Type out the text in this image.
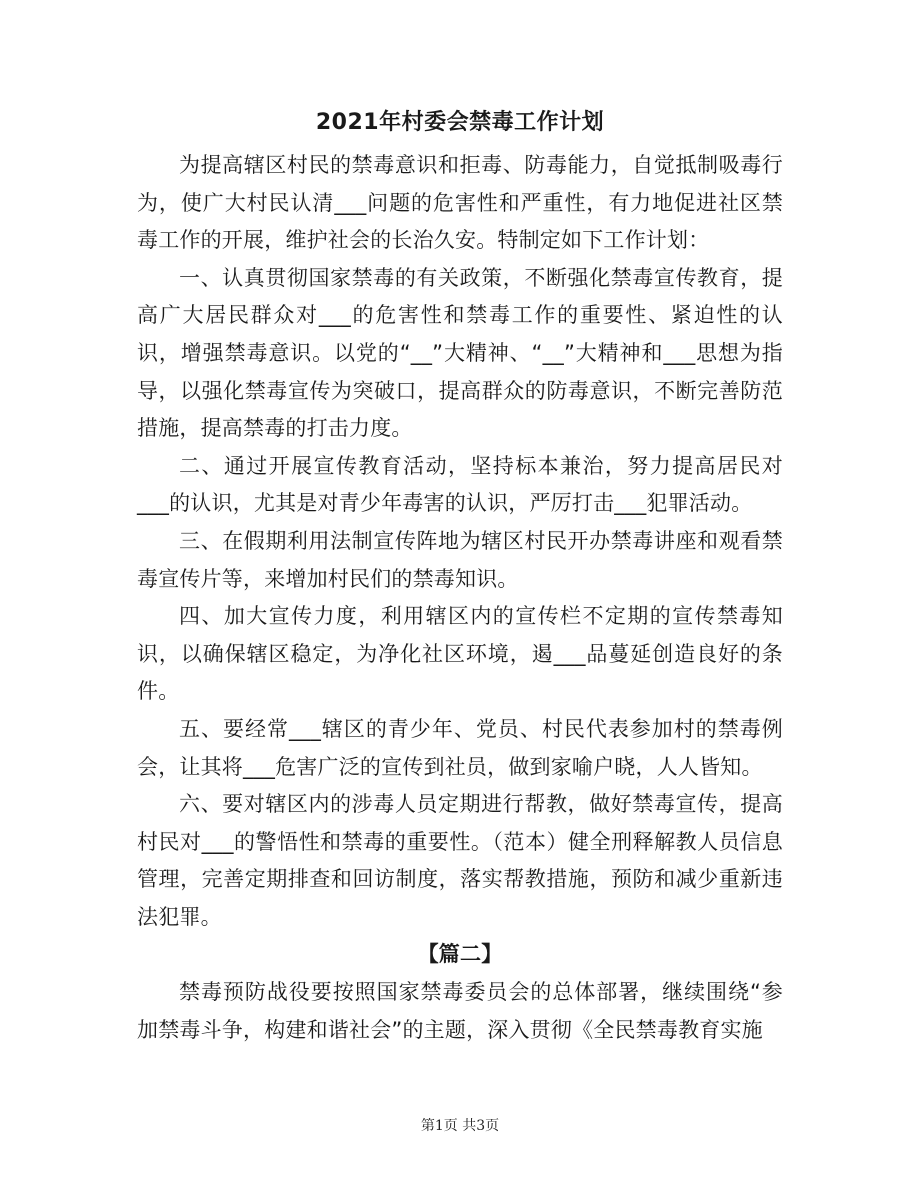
2021年村委会禁毒工作计划

为提高辖区村民的禁毒意识和拒毒、防毒能力，自觉抵制吸毒行为，使广大村民认清___问题的危害性和严重性，有力地促进社区禁毒工作的开展，维护社会的长治久安。特制定如下工作计划：

一、认真贯彻国家禁毒的有关政策，不断强化禁毒宣传教育，提高广大居民群众对___的危害性和禁毒工作的重要性、紧迫性的认识，增强禁毒意识。以党的“__”大精神、“__”大精神和___思想为指导，以强化禁毒宣传为突破口，提高群众的防毒意识，不断完善防范措施，提高禁毒的打击力度。

二、通过开展宣传教育活动，坚持标本兼治，努力提高居民对___的认识，尤其是对青少年毒害的认识，严厉打击___犯罪活动。

三、在假期利用法制宣传阵地为辖区村民开办禁毒讲座和观看禁毒宣传片等，来增加村民们的禁毒知识。

四、加大宣传力度，利用辖区内的宣传栏不定期的宣传禁毒知识，以确保辖区稳定，为净化社区环境，遏___品蔓延创造良好的条件。

五、要经常___辖区的青少年、党员、村民代表参加村的禁毒例会，让其将___危害广泛的宣传到社员，做到家喻户晓，人人皆知。

六、要对辖区内的涉毒人员定期进行帮教，做好禁毒宣传，提高村民对___的警悟性和禁毒的重要性。（范本）健全刑释解教人员信息管理，完善定期排查和回访制度，落实帮教措施，预防和减少重新违法犯罪。

【篇二】

禁毒预防战役要按照国家禁毒委员会的总体部署，继续围绕“参加禁毒斗争，构建和谐社会”的主题，深入贯彻《全民禁毒教育实施

第1页 共3页
